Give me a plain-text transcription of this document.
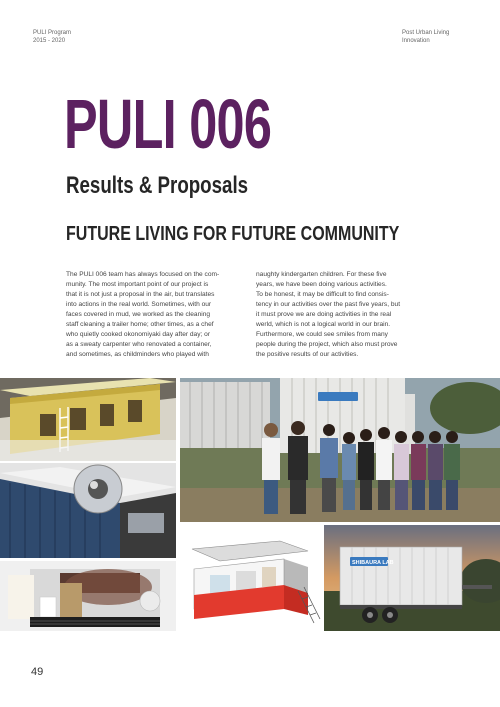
PULI Program
2015 - 2020
Post Urban Living
Innovation
PULI 006
Results & Proposals
FUTURE LIVING FOR FUTURE COMMUNITY

The PULI 006 team has always focused on the com-

munity. The most important point of our project is

that it is not just a proposal in the air, but translates

into actions in the real world. Sometimes, with our

faces covered in mud, we worked as the cleaning

staff cleaning a trailer home; other times, as a chef

who quietly cooked okonomiyaki day after day; or

as a sweaty carpenter who renovated a container,

and sometimes, as childminders who played with

naughty kindergarten children. For these five

years, we have been doing various activities.

To be honest, it may be difficult to find consis-

tency in our activities over the past five years, but

it must prove we are doing activities in the real

werld, which is not a logical world in our brain.

Furthermore, we could see smiles from many

people during the project, which also must prove

the positive results of our activities.

SHIBAURA LAB
49
